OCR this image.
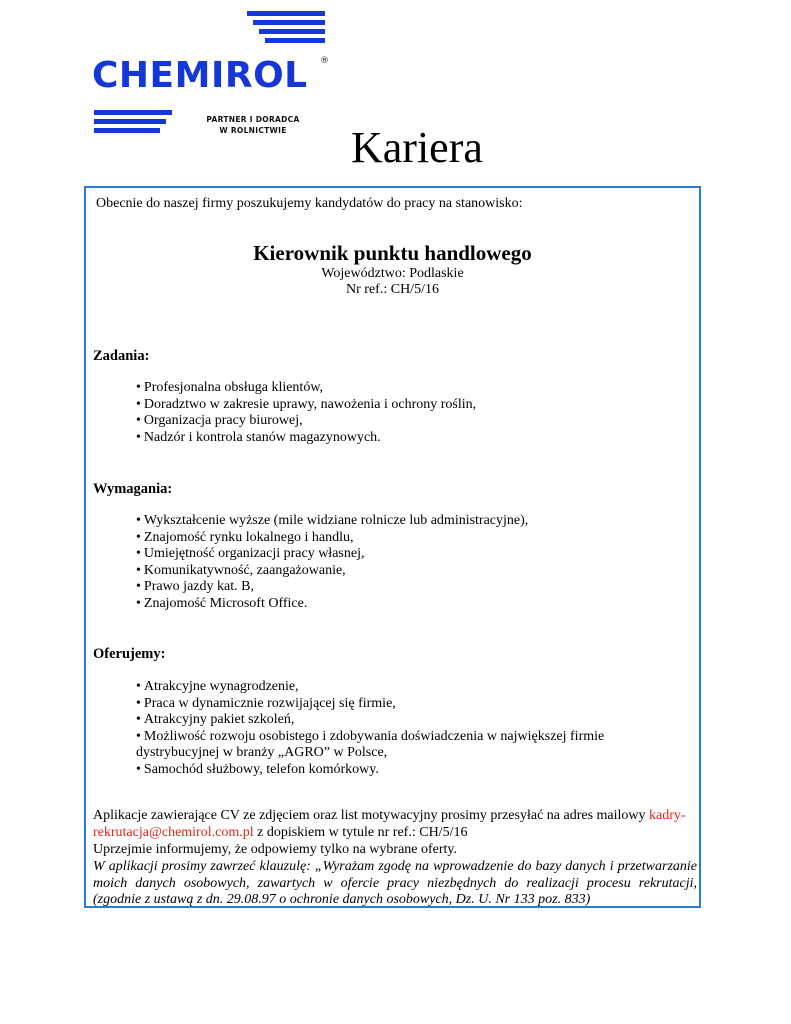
CHEMIROL	®
PARTNER I DORADCA
W ROLNICTWIE	Kariera

Obecnie do naszej firmy poszukujemy kandydatów do pracy na stanowisko:

Kierownik punktu handlowego

Województwo: Podlaskie

Nr ref.: CH/5/16

Zadania:

• Profesjonalna obsługa klientów,
• Doradztwo w zakresie uprawy, nawożenia i ochrony roślin,
• Organizacja pracy biurowej,
• Nadzór i kontrola stanów magazynowych.

Wymagania:

• Wykształcenie wyższe (mile widziane rolnicze lub administracyjne),
• Znajomość rynku lokalnego i handlu,
• Umiejętność organizacji pracy własnej,
• Komunikatywność, zaangażowanie,
• Prawo jazdy kat. B,
• Znajomość Microsoft Office.

Oferujemy:

• Atrakcyjne wynagrodzenie,
• Praca w dynamicznie rozwijającej się firmie,
• Atrakcyjny pakiet szkoleń,
• Możliwość rozwoju osobistego i zdobywania doświadczenia w największej firmie
dystrybucyjnej w branży „AGRO” w Polsce,
• Samochód służbowy, telefon komórkowy.

Aplikacje zawierające CV ze zdjęciem oraz list motywacyjny prosimy przesyłać na adres mailowy kadry-

rekrutacja@chemirol.com.pl z dopiskiem w tytule nr ref.: CH/5/16

Uprzejmie informujemy, że odpowiemy tylko na wybrane oferty.

W aplikacji prosimy zawrzeć klauzulę: „Wyrażam zgodę na wprowadzenie do bazy danych i przetwarzanie moich danych osobowych, zawartych w ofercie pracy niezbędnych do realizacji procesu rekrutacji, (zgodnie z ustawą z dn. 29.08.97 o ochronie danych osobowych, Dz. U. Nr 133 poz. 833)
